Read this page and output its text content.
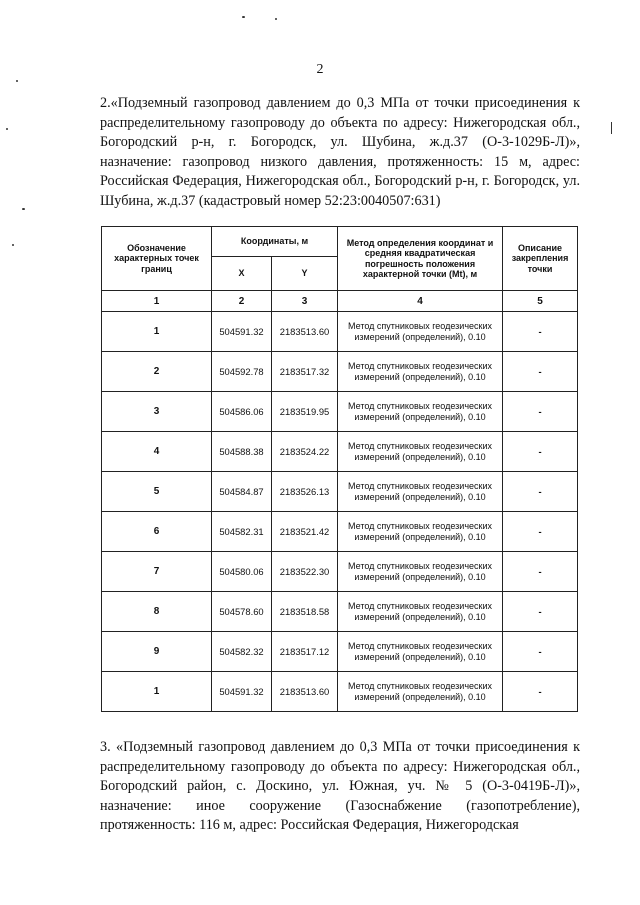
2
2.«Подземный газопровод давлением до 0,3 МПа от точки присоединения к распределительному газопроводу до объекта по адресу: Нижегородская обл., Богородский р-н, г. Богородск, ул. Шубина, ж.д.37 (О-3-1029Б-Л)», назначение: газопровод низкого давления, протяженность: 15 м, адрес: Российская Федерация, Нижегородская обл., Богородский р-н, г. Богородск, ул. Шубина, ж.д.37 (кадастровый номер 52:23:0040507:631)
Обозначение характерных точек границ	Координаты, м		Метод определения координат и средняя квадратическая погрешность положения характерной точки (Mt), м	Описание закрепления точки
	X	Y		
1	2	3	4	5
1	504591.32	2183513.60	Метод спутниковых геодезических измерений (определений), 0.10	-
2	504592.78	2183517.32	Метод спутниковых геодезических измерений (определений), 0.10	-
3	504586.06	2183519.95	Метод спутниковых геодезических измерений (определений), 0.10	-
4	504588.38	2183524.22	Метод спутниковых геодезических измерений (определений), 0.10	-
5	504584.87	2183526.13	Метод спутниковых геодезических измерений (определений), 0.10	-
6	504582.31	2183521.42	Метод спутниковых геодезических измерений (определений), 0.10	-
7	504580.06	2183522.30	Метод спутниковых геодезических измерений (определений), 0.10	-
8	504578.60	2183518.58	Метод спутниковых геодезических измерений (определений), 0.10	-
9	504582.32	2183517.12	Метод спутниковых геодезических измерений (определений), 0.10	-
1	504591.32	2183513.60	Метод спутниковых геодезических измерений (определений), 0.10	-
3. «Подземный газопровод давлением до 0,3 МПа от точки присоединения к распределительному газопроводу до объекта по адресу: Нижегородская обл., Богородский район, с. Доскино, ул. Южная, уч. № 5 (О-3-0419Б-Л)», назначение: иное сооружение (Газоснабжение (газопотребление), протяженность: 116 м, адрес: Российская Федерация, Нижегородская
